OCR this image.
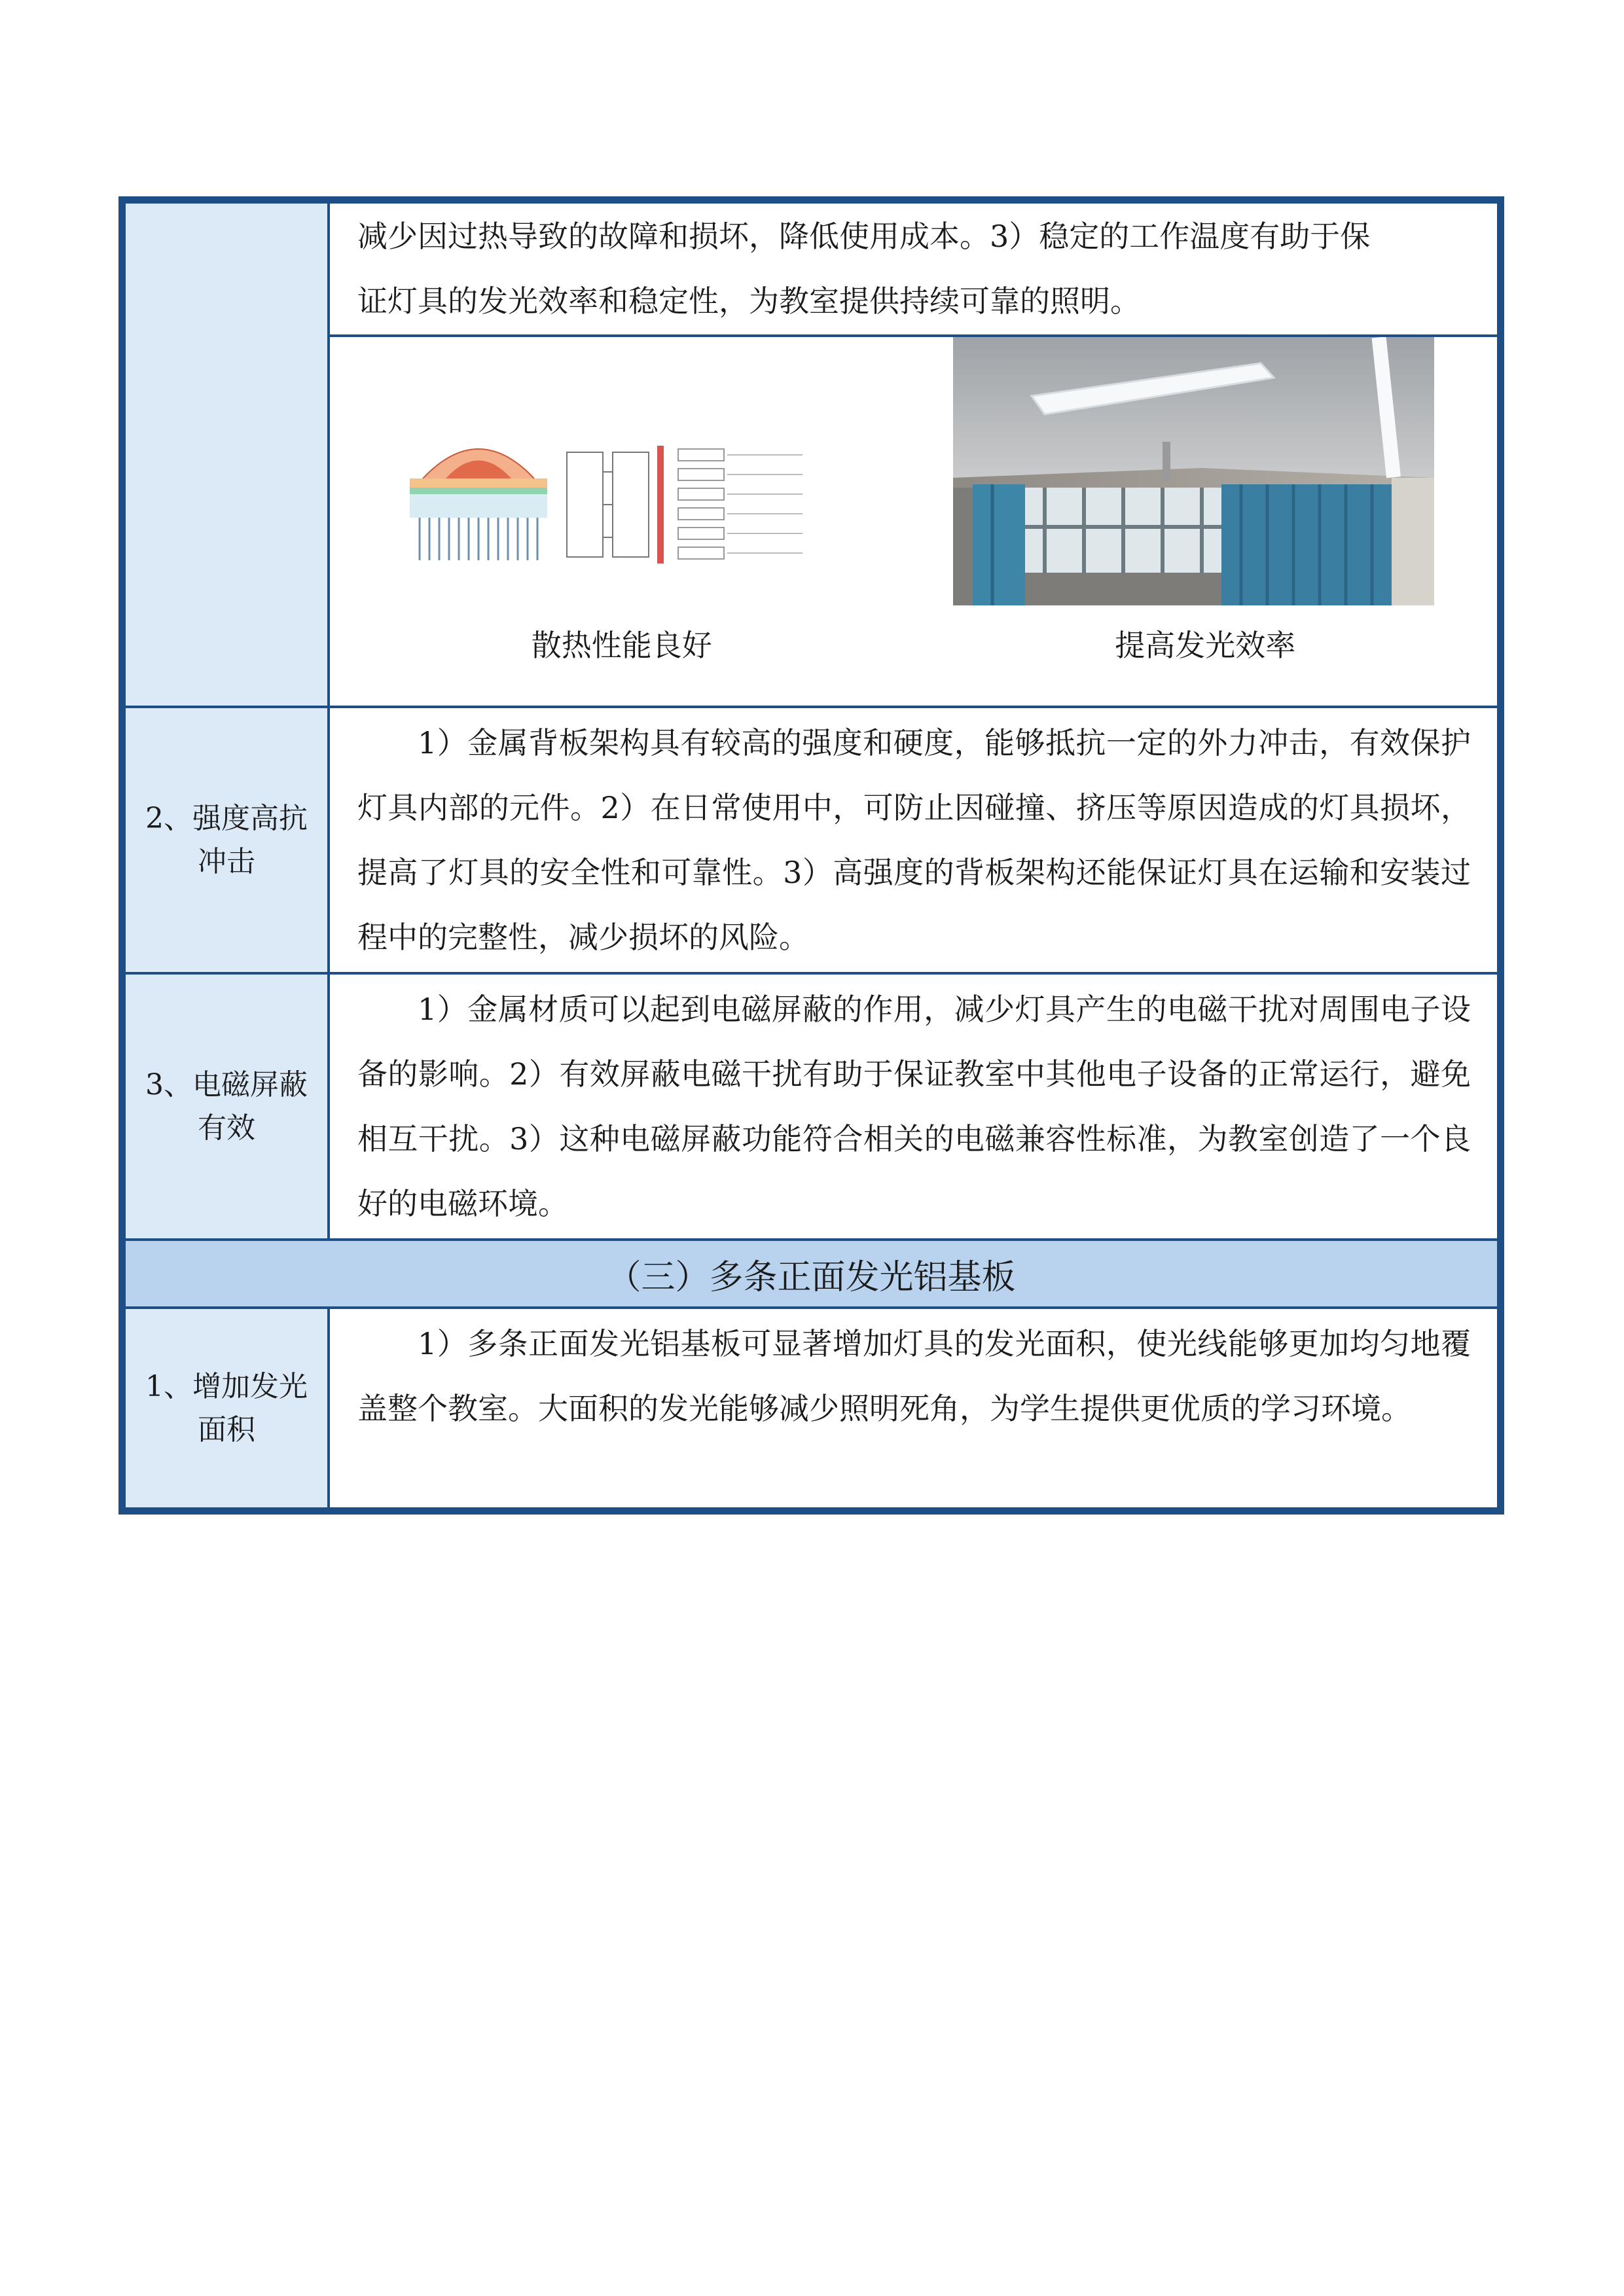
	减少因过热导致的故障和损坏，降低使用成本。3）稳定的工作温度有助于保

证灯具的发光效率和稳定性，为教室提供持续可靠的照明。

	散热性能良好 提高发光效率

2、强度高抗冲击	1）金属背板架构具有较高的强度和硬度，能够抵抗一定的外力冲击，有效保护灯具内部的元件。2）在日常使用中，可防止因碰撞、挤压等原因造成的灯具损坏，提高了灯具的安全性和可靠性。3）高强度的背板架构还能保证灯具在运输和安装过程中的完整性，减少损坏的风险。

3、电磁屏蔽有效	1）金属材质可以起到电磁屏蔽的作用，减少灯具产生的电磁干扰对周围电子设备的影响。2）有效屏蔽电磁干扰有助于保证教室中其他电子设备的正常运行，避免相互干扰。3）这种电磁屏蔽功能符合相关的电磁兼容性标准，为教室创造了一个良好的电磁环境。

（三）多条正面发光铝基板	
1、增加发光面积	1）多条正面发光铝基板可显著增加灯具的发光面积，使光线能够更加均匀地覆盖整个教室。大面积的发光能够减少照明死角，为学生提供更优质的学习环境。
